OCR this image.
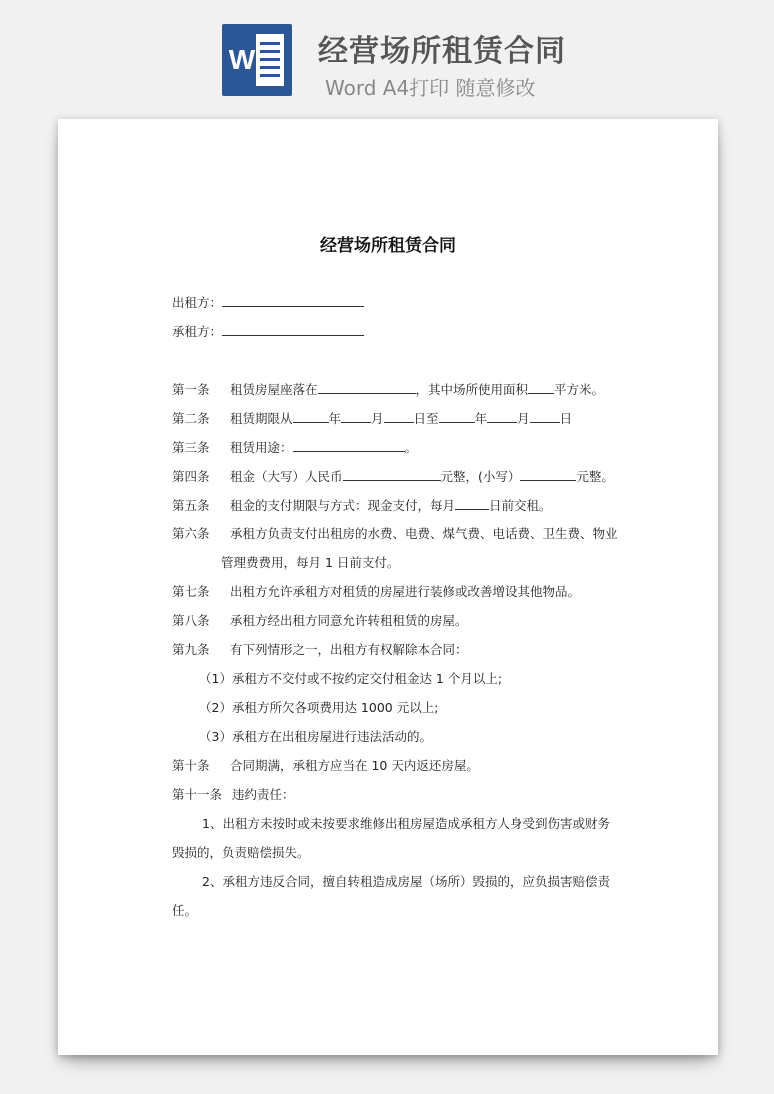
W 经营场所租赁合同
Word A4打印 随意修改
经营场所租赁合同
出租方：
承租方：
第一条 租赁房屋座落在	，其中场所使用面积 平方米。
第二条 租赁期限从	年 月 日至	年 月 日
第三条 租赁用途：	。
第四条 租金（大写）人民币	元整，(小写）	元整。
第五条 租金的支付期限与方式：现金支付，每月	日前交租。
第六条 承租方负责支付出租房的水费、电费、煤气费、电话费、卫生费、物业
管理费费用，每月 1 日前支付。
第七条 出租方允许承租方对租赁的房屋进行装修或改善增设其他物品。
第八条 承租方经出租方同意允许转租租赁的房屋。
第九条 有下列情形之一，出租方有权解除本合同：
（1）承租方不交付或不按约定交付租金达 1 个月以上;
（2）承租方所欠各项费用达 1000 元以上;
（3）承租方在出租房屋进行违法活动的。
第十条 合同期满，承租方应当在 10 天内返还房屋。
第十一条 违约责任：
1、出租方未按时或未按要求维修出租房屋造成承租方人身受到伤害或财务
毁损的，负责赔偿损失。
2、承租方违反合同，擅自转租造成房屋（场所）毁损的，应负损害赔偿责
任。
